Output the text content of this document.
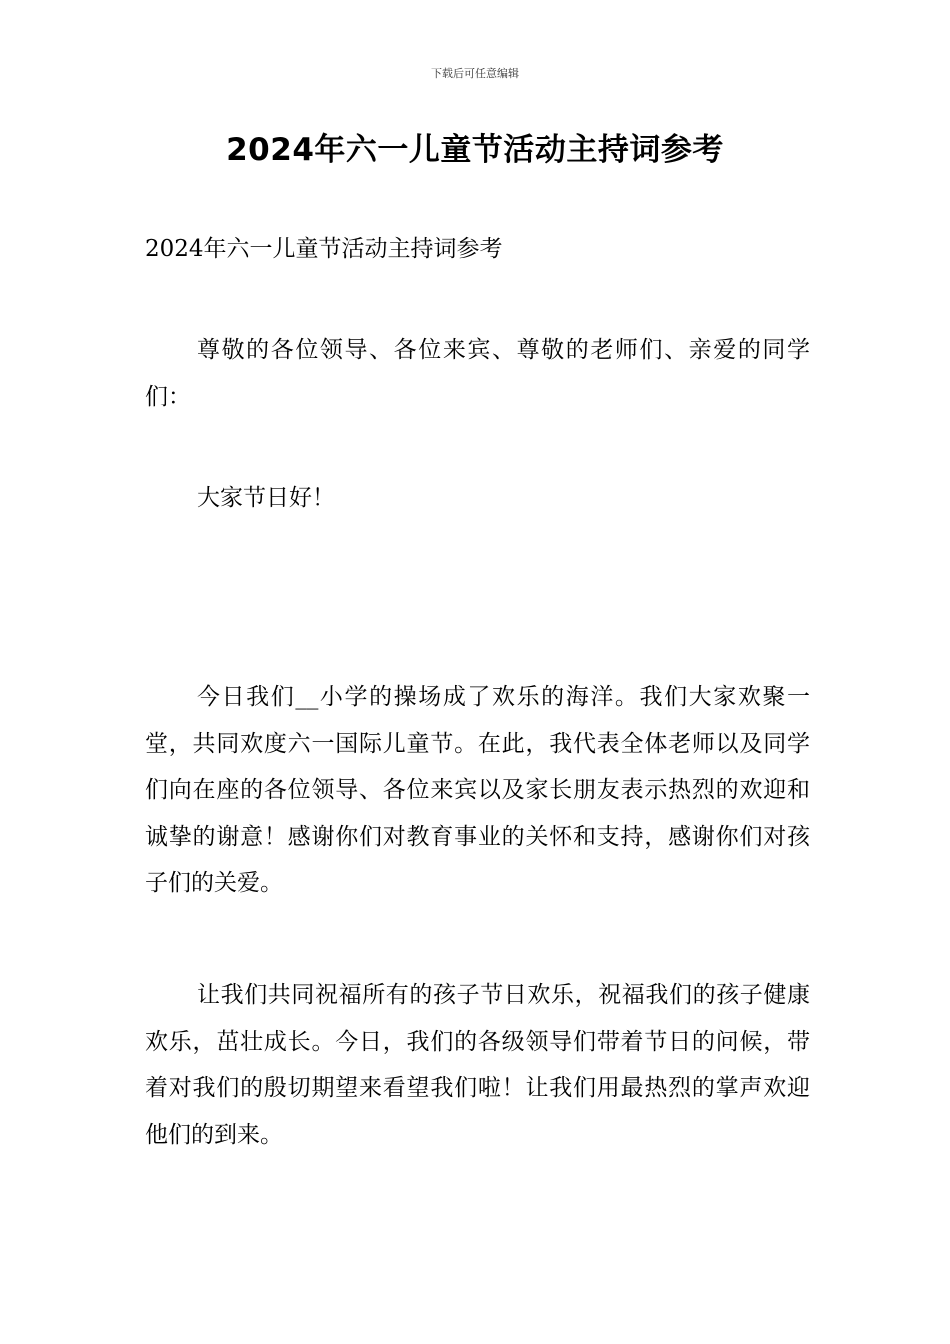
下载后可任意编辑
2024年六一儿童节活动主持词参考

2024年六一儿童节活动主持词参考

尊敬的各位领导、各位来宾、尊敬的老师们、亲爱的同学们：

大家节日好！

今日我们__小学的操场成了欢乐的海洋。我们大家欢聚一堂，共同欢度六一国际儿童节。在此，我代表全体老师以及同学们向在座的各位领导、各位来宾以及家长朋友表示热烈的欢迎和诚挚的谢意！感谢你们对教育事业的关怀和支持，感谢你们对孩子们的关爱。

让我们共同祝福所有的孩子节日欢乐，祝福我们的孩子健康欢乐，茁壮成长。今日，我们的各级领导们带着节日的问候，带着对我们的殷切期望来看望我们啦！让我们用最热烈的掌声欢迎他们的到来。
